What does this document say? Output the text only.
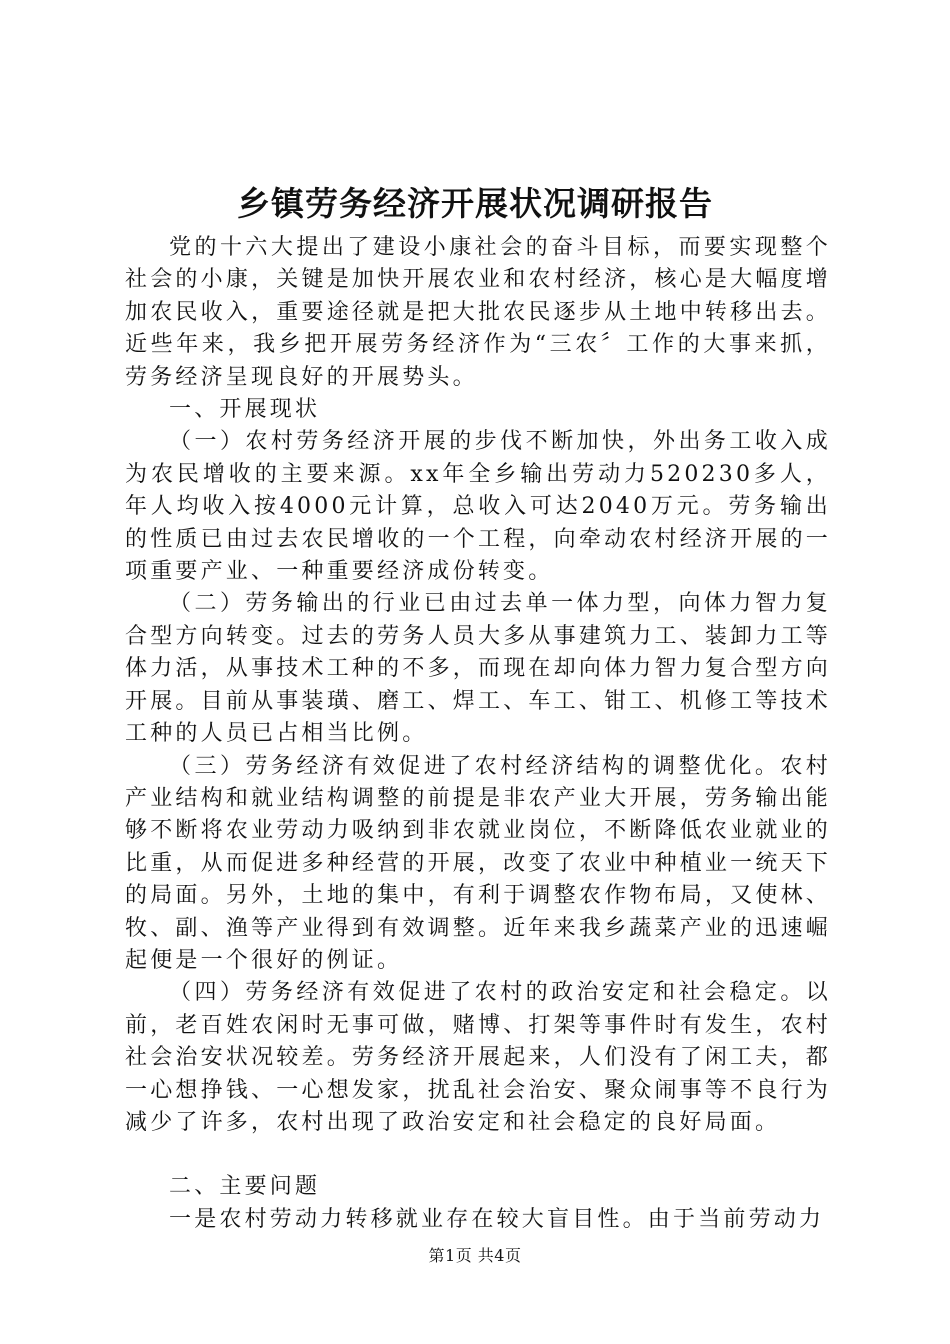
乡镇劳务经济开展状况调研报告

党的十六大提出了建设小康社会的奋斗目标，而要实现整个社会的小康，关键是加快开展农业和农村经济，核心是大幅度增加农民收入，重要途径就是把大批农民逐步从土地中转移出去。近些年来，我乡把开展劳务经济作为“三农〞工作的大事来抓，劳务经济呈现良好的开展势头。

一、开展现状

（一）农村劳务经济开展的步伐不断加快，外出务工收入成为农民增收的主要来源。xx年全乡输出劳动力520230多人，年人均收入按4000元计算，总收入可达2040万元。劳务输出的性质已由过去农民增收的一个工程，向牵动农村经济开展的一项重要产业、一种重要经济成份转变。

（二）劳务输出的行业已由过去单一体力型，向体力智力复合型方向转变。过去的劳务人员大多从事建筑力工、装卸力工等体力活，从事技术工种的不多，而现在却向体力智力复合型方向开展。目前从事装璜、磨工、焊工、车工、钳工、机修工等技术工种的人员已占相当比例。

（三）劳务经济有效促进了农村经济结构的调整优化。农村产业结构和就业结构调整的前提是非农产业大开展，劳务输出能够不断将农业劳动力吸纳到非农就业岗位，不断降低农业就业的比重，从而促进多种经营的开展，改变了农业中种植业一统天下的局面。另外，土地的集中，有利于调整农作物布局，又使林、牧、副、渔等产业得到有效调整。近年来我乡蔬菜产业的迅速崛起便是一个很好的例证。

（四）劳务经济有效促进了农村的政治安定和社会稳定。以前，老百姓农闲时无事可做，赌博、打架等事件时有发生，农村社会治安状况较差。劳务经济开展起来，人们没有了闲工夫，都一心想挣钱、一心想发家，扰乱社会治安、聚众闹事等不良行为减少了许多，农村出现了政治安定和社会稳定的良好局面。

二、主要问题

一是农村劳动力转移就业存在较大盲目性。由于当前劳动力

第1页 共4页
